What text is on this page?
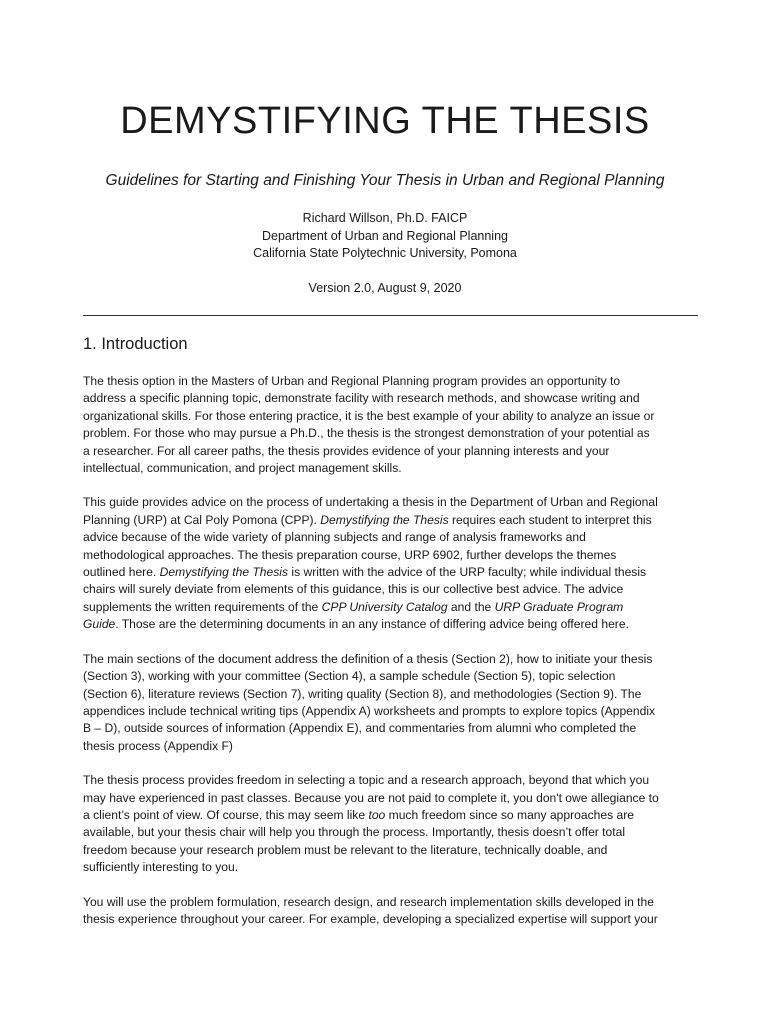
DEMYSTIFYING THE THESIS
Guidelines for Starting and Finishing Your Thesis in Urban and Regional Planning
Richard Willson, Ph.D. FAICP
Department of Urban and Regional Planning
California State Polytechnic University, Pomona
Version 2.0, August 9, 2020
1. Introduction

The thesis option in the Masters of Urban and Regional Planning program provides an opportunity to
address a specific planning topic, demonstrate facility with research methods, and showcase writing and
organizational skills. For those entering practice, it is the best example of your ability to analyze an issue or
problem. For those who may pursue a Ph.D., the thesis is the strongest demonstration of your potential as
a researcher. For all career paths, the thesis provides evidence of your planning interests and your
intellectual, communication, and project management skills.

This guide provides advice on the process of undertaking a thesis in the Department of Urban and Regional
Planning (URP) at Cal Poly Pomona (CPP). Demystifying the Thesis requires each student to interpret this
advice because of the wide variety of planning subjects and range of analysis frameworks and
methodological approaches. The thesis preparation course, URP 6902, further develops the themes
outlined here. Demystifying the Thesis is written with the advice of the URP faculty; while individual thesis
chairs will surely deviate from elements of this guidance, this is our collective best advice. The advice
supplements the written requirements of the CPP University Catalog and the URP Graduate Program
Guide. Those are the determining documents in an any instance of differing advice being offered here.

The main sections of the document address the definition of a thesis (Section 2), how to initiate your thesis
(Section 3), working with your committee (Section 4), a sample schedule (Section 5), topic selection
(Section 6), literature reviews (Section 7), writing quality (Section 8), and methodologies (Section 9). The
appendices include technical writing tips (Appendix A) worksheets and prompts to explore topics (Appendix
B – D), outside sources of information (Appendix E), and commentaries from alumni who completed the
thesis process (Appendix F)

The thesis process provides freedom in selecting a topic and a research approach, beyond that which you
may have experienced in past classes. Because you are not paid to complete it, you don't owe allegiance to
a client’s point of view. Of course, this may seem like too much freedom since so many approaches are
available, but your thesis chair will help you through the process. Importantly, thesis doesn’t offer total
freedom because your research problem must be relevant to the literature, technically doable, and
sufficiently interesting to you.

You will use the problem formulation, research design, and research implementation skills developed in the
thesis experience throughout your career. For example, developing a specialized expertise will support your
